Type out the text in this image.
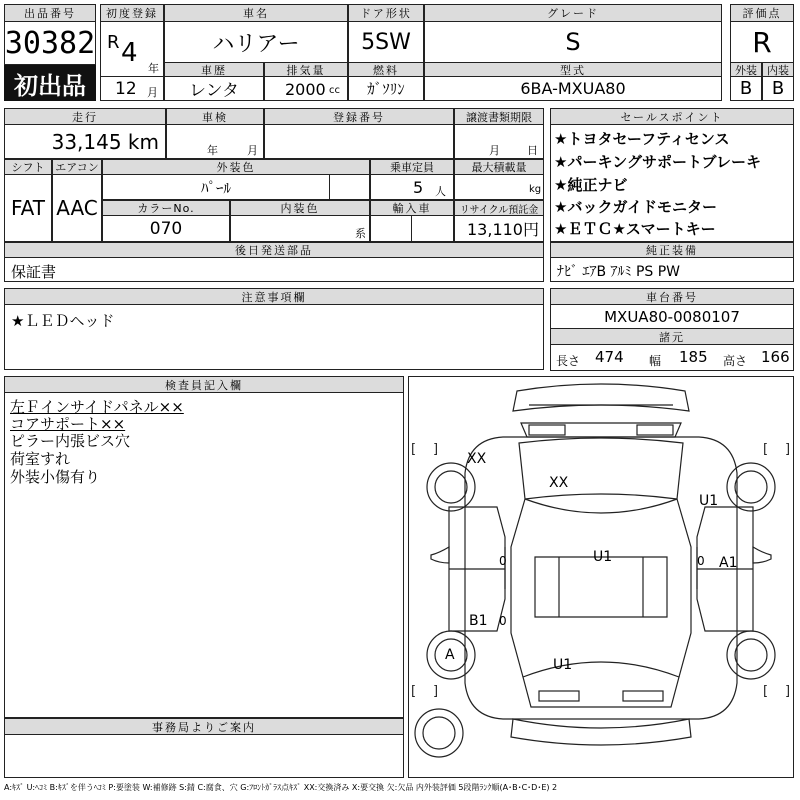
出品番号
30382
初出品
初度登録
R 4
年
12 月
車名
ハリアー
ドア形状
5SW
グレード
S
評価点
R
車歴
レンタ
排気量
2000 cc
燃料
ｶﾞｿﾘﾝ
型式
6BA-MXUA80
外装 内装
B	B
走行
33,145 km
車検
年	月
登録番号	譲渡書類期限
月 日
シフト
FAT
エアコン
AAC
外装色
ﾊﾟｰﾙ
乗車定員
5 人
最大積載量
kg
カラーNo.
070
内装色
系
輸入車	リサイクル預託金
13,110円
セールスポイント
★トヨタセーフティセンス
★パーキングサポートブレーキ
★純正ナビ
★バックガイドモニター
★ＥＴＣ★スマートキー
後日発送部品
保証書
純正装備
ﾅﾋﾞ ｴｱB ｱﾙﾐ PS PW
注意事項欄
★ＬＥＤヘッド
車台番号
MXUA80-0080107
諸元
長さ 474 幅 185 高さ 166
検査員記入欄
左Ｆインサイドパネル××
コアサポート××
ピラー内張ビス穴
荷室すれ
外装小傷有り
事務局よりご案内
[ ]	[ ]
[ ]	[ ]
XX
XX
U1
0	U1	0 A1
B1 0
A
U1
A:ｷｽﾞ U:ﾍｺﾐ B:ｷｽﾞを伴うﾍｺﾐ P:要塗装 W:補修跡 S:錆 C:腐食、穴 G:ﾌﾛﾝﾄｶﾞﾗｽ点ｷｽﾞ XX:交換済み X:要交換 欠:欠品 内外装評価 5段階ﾗﾝｸ順(A･B･C･D･E) 2
